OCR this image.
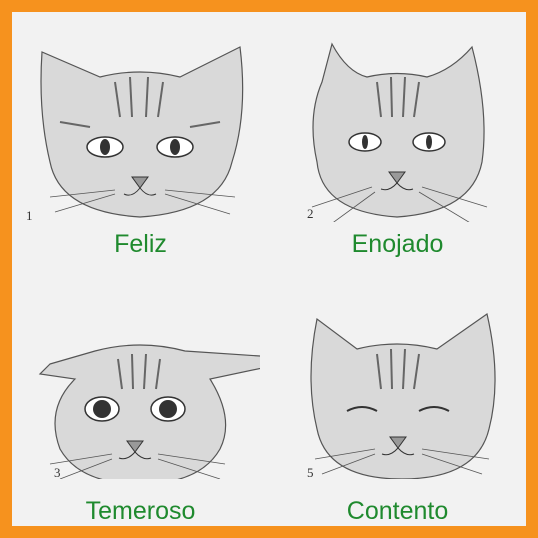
1
Feliz
2
Enojado
3
Temeroso
5
Contento
